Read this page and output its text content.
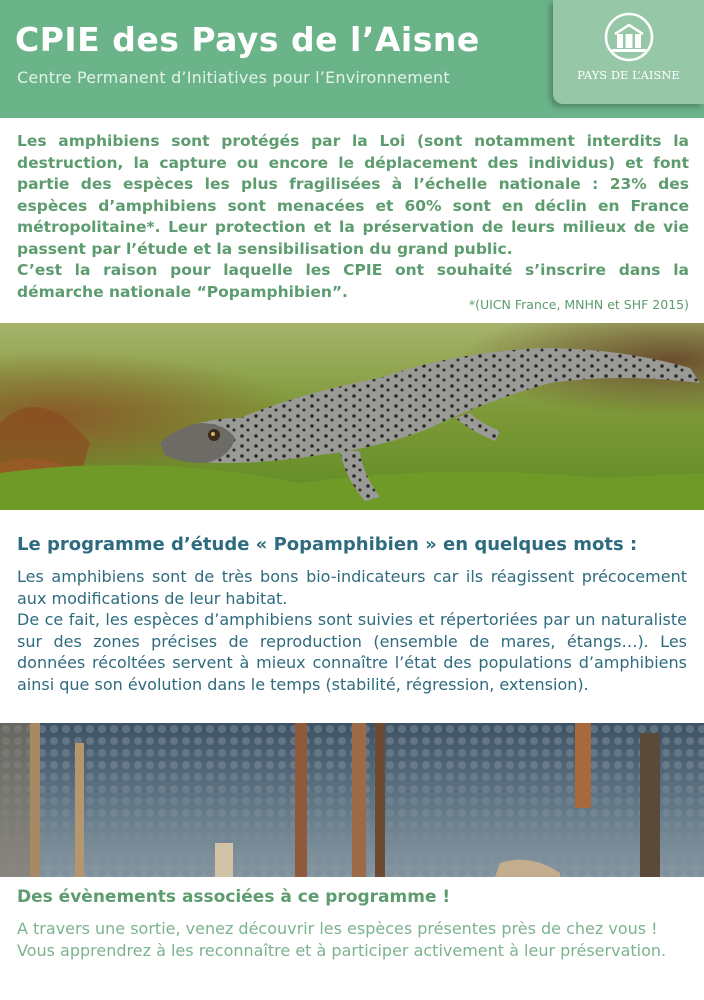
CPIE des Pays de l’Aisne
Centre Permanent d’Initiatives pour l’Environnement	PAYS DE L’AISNE

Les amphibiens sont protégés par la Loi (sont notamment interdits la destruction, la capture ou encore le déplacement des individus) et font partie des espèces les plus fragilisées à l’échelle nationale : 23% des espèces d’amphibiens sont menacées et 60% sont en déclin en France métropolitaine*. Leur protection et la préservation de leurs milieux de vie passent par l’étude et la sensibilisation du grand public.

C’est la raison pour laquelle les CPIE ont souhaité s’inscrire dans la démarche nationale “Popamphibien”.

*(UICN France, MNHN et SHF 2015)
Le programme d’étude « Popamphibien » en quelques mots :

Les amphibiens sont de très bons bio-indicateurs car ils réagissent précocement aux modifications de leur habitat.

De ce fait, les espèces d’amphibiens sont suivies et répertoriées par un naturaliste sur des zones précises de reproduction (ensemble de mares, étangs…). Les données récoltées servent à mieux connaître l’état des populations d’amphibiens ainsi que son évolution dans le temps (stabilité, régression, extension).

Des évènements associées à ce programme !

A travers une sortie, venez découvrir les espèces présentes près de chez vous ! Vous apprendrez à les reconnaître et à participer activement à leur préservation.
